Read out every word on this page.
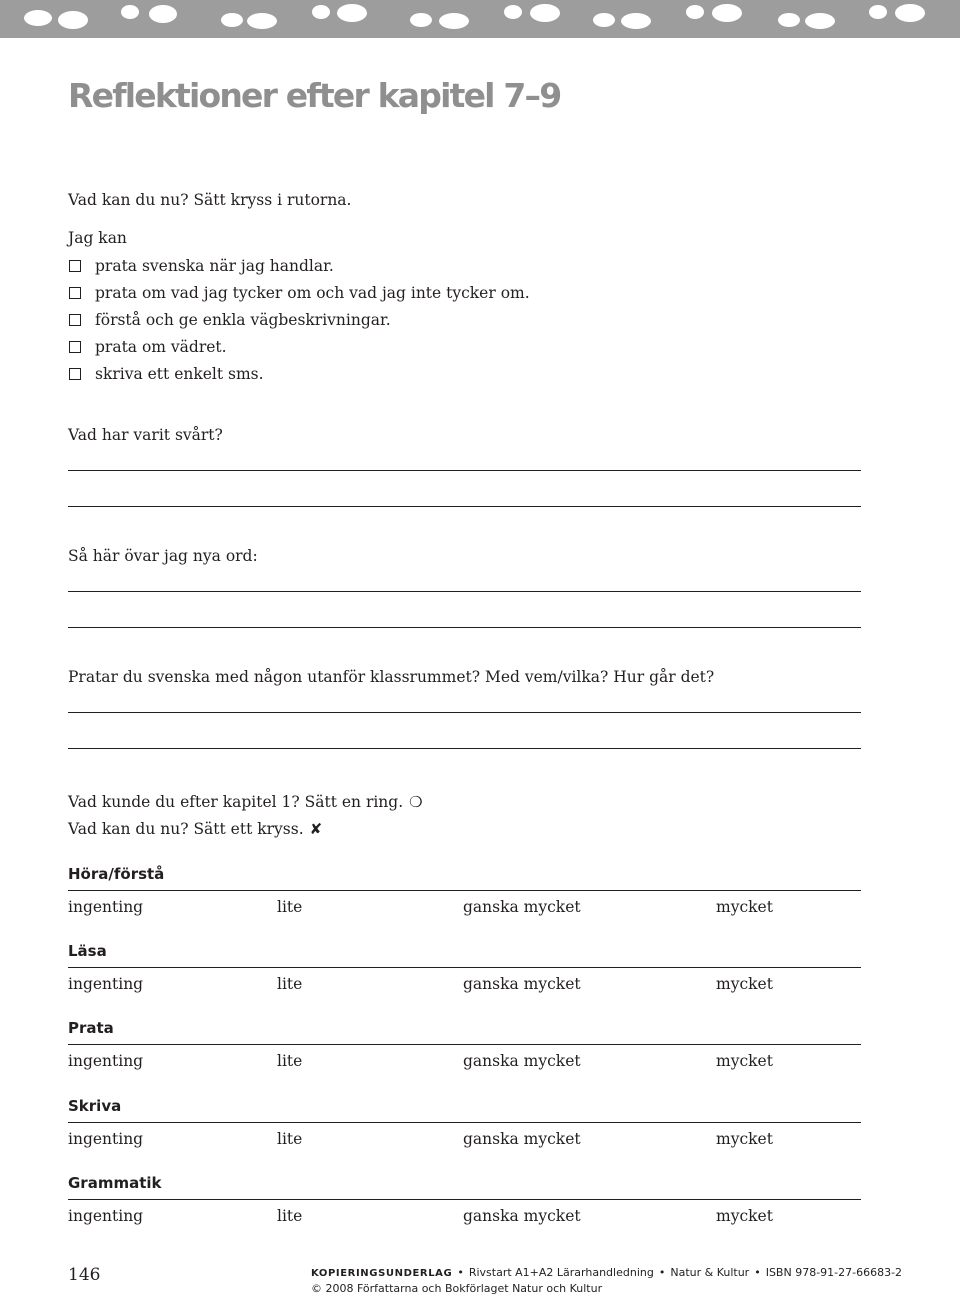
Reflektioner efter kapitel 7–9
Vad kan du nu? Sätt kryss i rutorna.
Jag kan
prata svenska när jag handlar.
prata om vad jag tycker om och vad jag inte tycker om.
förstå och ge enkla vägbeskrivningar.
prata om vädret.
skriva ett enkelt sms.
Vad har varit svårt?
Så här övar jag nya ord:
Pratar du svenska med någon utanför klassrummet? Med vem/vilka? Hur går det?
Vad kunde du efter kapitel 1? Sätt en ring. ❍
Vad kan du nu? Sätt ett kryss. ✘
Höra/förstå
ingenting	lite	ganska mycket	mycket
Läsa
ingenting	lite	ganska mycket	mycket
Prata
ingenting	lite	ganska mycket	mycket
Skriva
ingenting	lite	ganska mycket	mycket
Grammatik
ingenting	lite	ganska mycket	mycket
146	KOPIERINGSUNDERLAG • Rivstart A1+A2 Lärarhandledning • Natur & Kultur • ISBN 978-91-27-66683-2
© 2008 Författarna och Bokförlaget Natur och Kultur
